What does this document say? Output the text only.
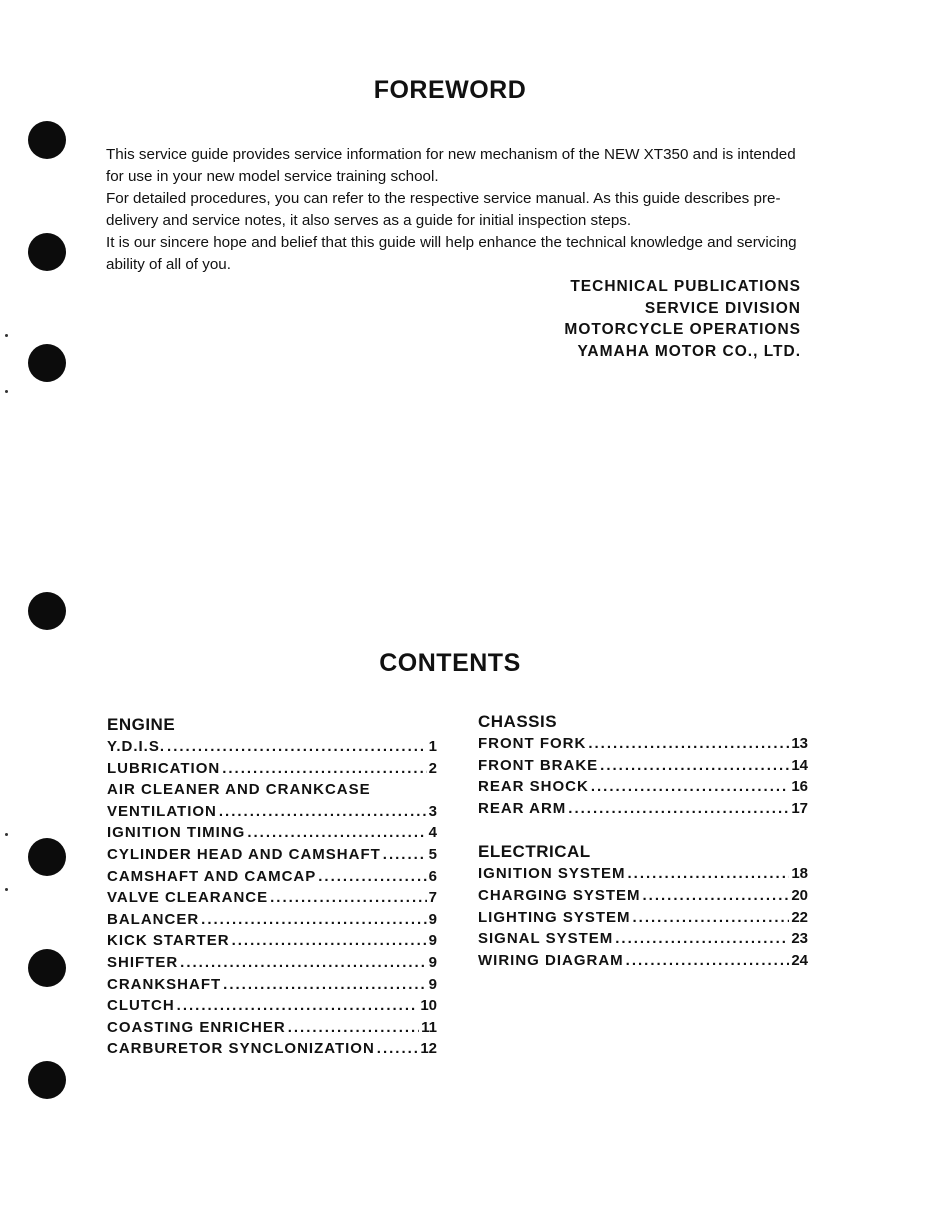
FOREWORD

This service guide provides service information for new mechanism of the NEW XT350 and is intended for use in your new model service training school.

For detailed procedures, you can refer to the respective service manual. As this guide describes pre-delivery and service notes, it also serves as a guide for initial inspection steps.

It is our sincere hope and belief that this guide will help enhance the technical knowledge and servicing ability of all of you.

TECHNICAL PUBLICATIONS
SERVICE DIVISION
MOTORCYCLE OPERATIONS
YAMAHA MOTOR CO., LTD.
CONTENTS
ENGINE
Y.D.I.S. .....	1
LUBRICATION .....	2
AIR CLEANER AND CRANKCASE
VENTILATION .....	3
IGNITION TIMING .....	4
CYLINDER HEAD AND CAMSHAFT .....	5
CAMSHAFT AND CAMCAP .....	6
VALVE CLEARANCE .....	7
BALANCER .....	9
KICK STARTER .....	9
SHIFTER .....	9
CRANKSHAFT .....	9
CLUTCH .....	10
COASTING ENRICHER .....	11
CARBURETOR SYNCLONIZATION .....	12
CHASSIS
FRONT FORK .....	13
FRONT BRAKE .....	14
REAR SHOCK .....	16
REAR ARM .....	17
ELECTRICAL
IGNITION SYSTEM .....	18
CHARGING SYSTEM .....	20
LIGHTING SYSTEM .....	22
SIGNAL SYSTEM .....	23
WIRING DIAGRAM .....	24
